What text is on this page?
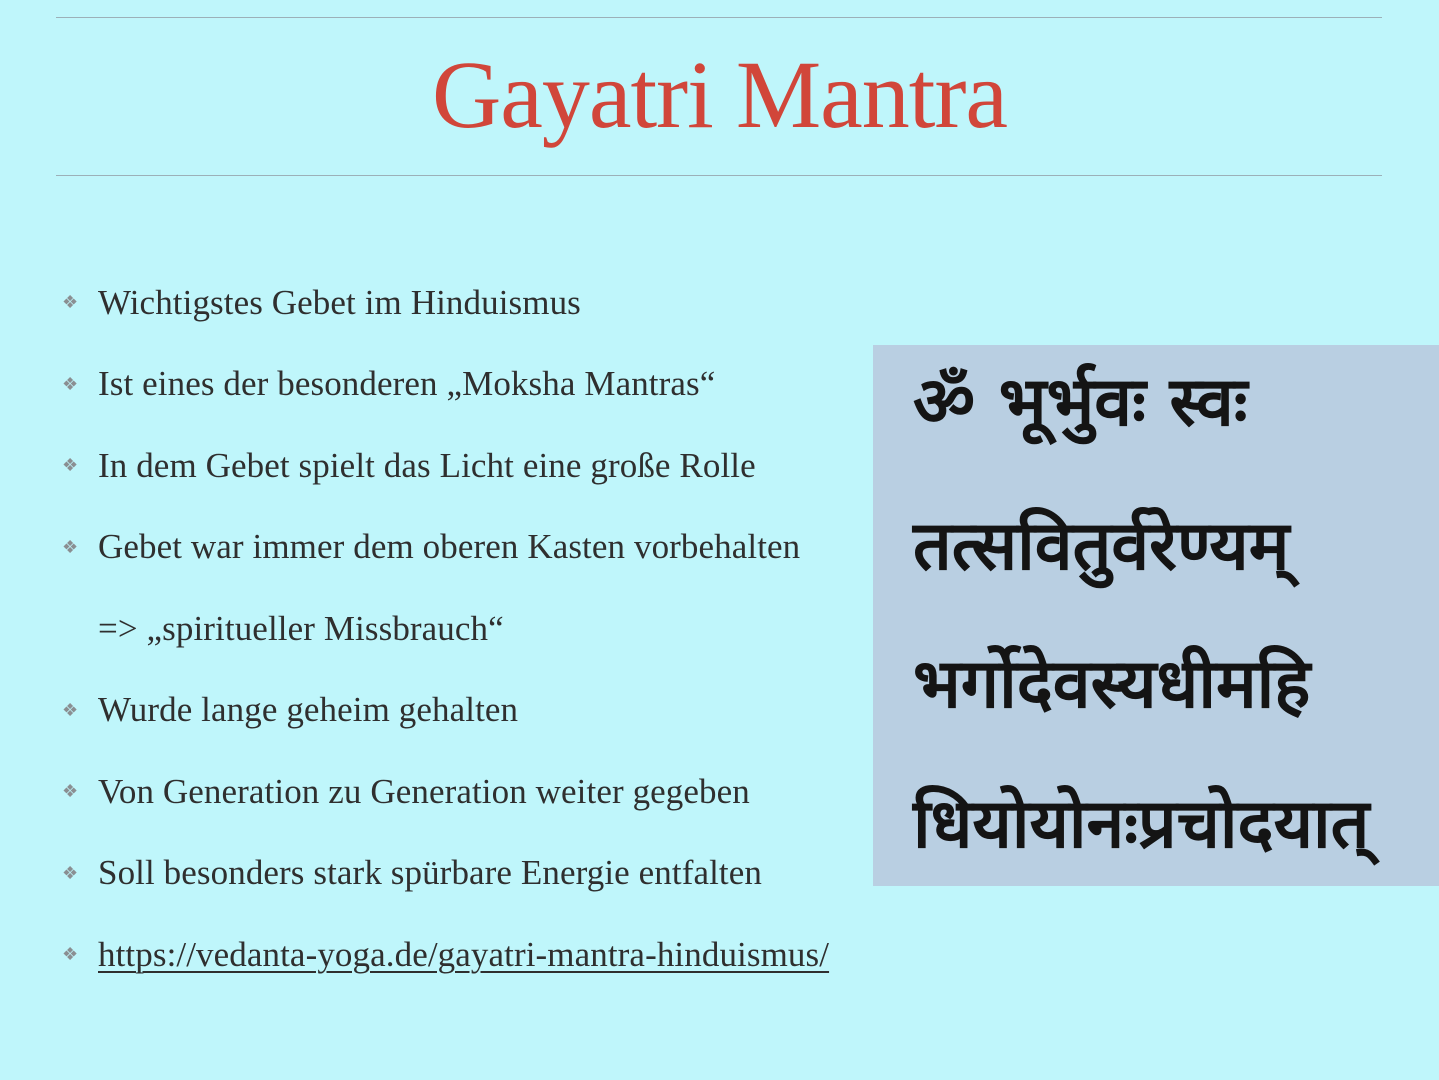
Gayatri Mantra
❖ Wichtigstes Gebet im Hinduismus
❖ Ist eines der besonderen „Moksha Mantras“
❖ In dem Gebet spielt das Licht eine große Rolle
❖ Gebet war immer dem oberen Kasten vorbehalten
=> „spiritueller Missbrauch“
❖ Wurde lange geheim gehalten
❖ Von Generation zu Generation weiter gegeben
❖ Soll besonders stark spürbare Energie entfalten
❖ https://vedanta-yoga.de/gayatri-mantra-hinduismus/
ॐ भूर्भुवः स्वः
तत्सवितुर्वरेण्यम्
भर्गोदेवस्यधीमहि
धियोयोनःप्रचोदयात्
